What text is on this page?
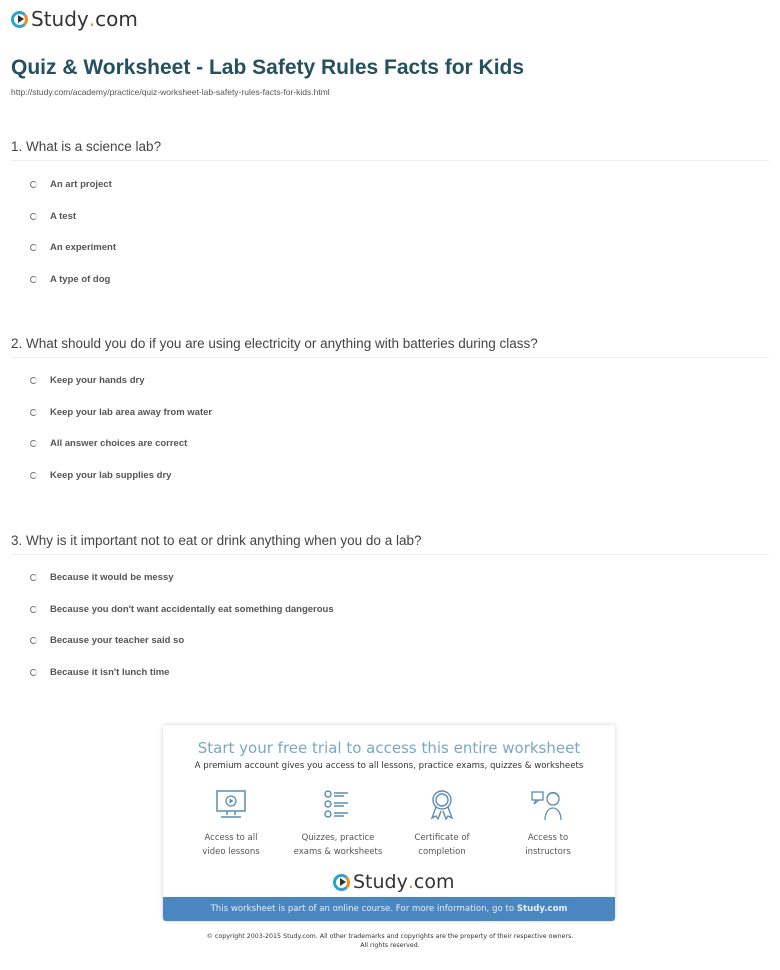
Study . com
Quiz & Worksheet - Lab Safety Rules Facts for Kids
http://study.com/academy/practice/quiz-worksheet-lab-safety-rules-facts-for-kids.html
1. What is a science lab?
2. What should you do if you are using electricity or anything with batteries during class?
3. Why is it important not to eat or drink anything when you do a lab?
An art project
A test
An experiment
A type of dog
Keep your hands dry
Keep your lab area away from water
All answer choices are correct
Keep your lab supplies dry
Because it would be messy
Because you don't want accidentally eat something dangerous
Because your teacher said so
Because it isn't lunch time
Start your free trial to access this entire worksheet
A premium account gives you access to all lessons, practice exams, quizzes & worksheets
Access to all
video lessons
Quizzes, practice
exams & worksheets
Certificate of
completion
Access to
instructors
Study . com
This worksheet is part of an online course. For more information, go to Study.com
© copyright 2003-2015 Study.com. All other trademarks and copyrights are the property of their respective owners.
All rights reserved.
